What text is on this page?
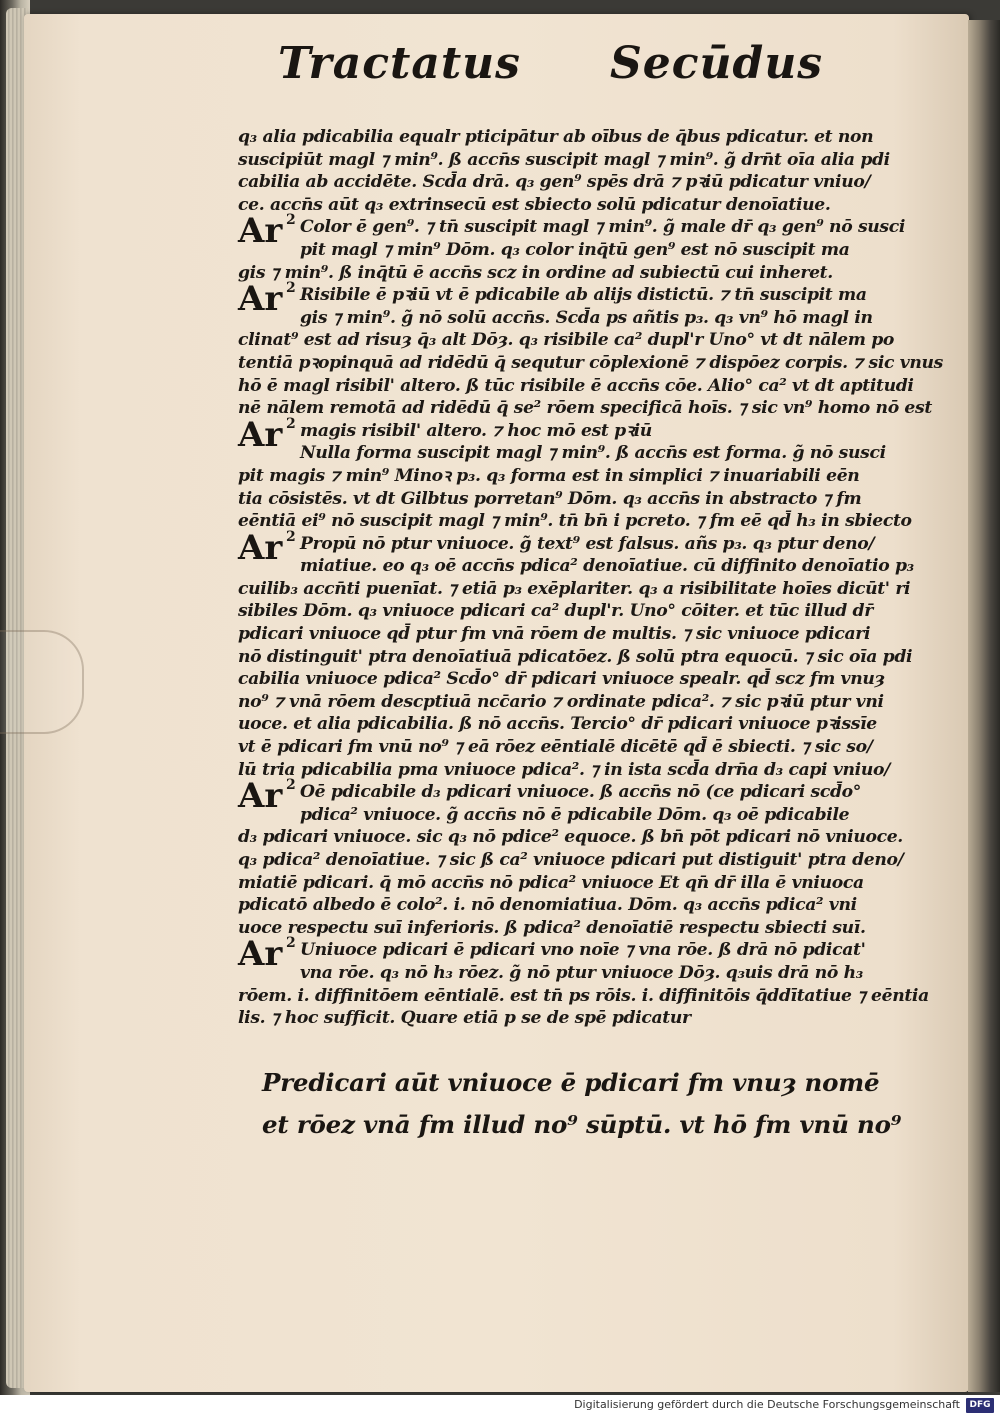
Tractatus Secūdus
q₃ alia pdicabilia equalr pticipātur ab oībus de q̄bus pdicatur. et non
suscipiūt magl ⁊ min⁹. ß accn̄s suscipit magl ⁊ min⁹. g̃ drn̄t oīa alia pdi
cabilia ab accidēte. Scd̄a drā. q₃ gen⁹ spēs drā ⁊ pꝛiū pdicatur vniuo/
ce. accn̄s aūt q₃ extrinsecū est sbiecto solū pdicatur denoīatiue.
Ar 2 Color ē gen⁹. ⁊ tn̄ suscipit magl ⁊ min⁹. g̃ male dr̄ q₃ gen⁹ nō susci
pit magl ⁊ min⁹ Dōm. q₃ color inq̄tū gen⁹ est nō suscipit ma
gis ⁊ min⁹. ß inq̄tū ē accn̄s scz in ordine ad subiectū cui inheret.
Ar 2 Risibile ē pꝛiū vt ē pdicabile ab alijs distictū. ⁊ tn̄ suscipit ma
gis ⁊ min⁹. g̃ nō solū accn̄s. Scd̄a ps añtis p₃. q₃ vn⁹ hō magl in
clinat⁹ est ad risuȝ q̄₃ alt Dōȝ. q₃ risibile ca² dupl'r Uno° vt dt nālem po
tentiā pꝛopinquā ad ridēdū q̄ sequtur cōplexionē ⁊ dispōez corpis. ⁊ sic vnus
hō ē magl risibil' altero. ß tūc risibile ē accn̄s cōe. Alio° ca² vt dt aptitudi
nē nālem remotā ad ridēdū q̄ se² rōem specificā hoīs. ⁊ sic vn⁹ homo nō est
Ar 2 magis risibil' altero. ⁊ hoc mō est pꝛiū
Nulla forma suscipit magl ⁊ min⁹. ß accn̄s est forma. g̃ nō susci
pit magis ⁊ min⁹ Minoꝛ p₃. q₃ forma est in simplici ⁊ inuariabili eēn
tia cōsistēs. vt dt Gilbtus porretan⁹ Dōm. q₃ accn̄s in abstracto ⁊ fm
eēntiā ei⁹ nō suscipit magl ⁊ min⁹. tn̄ bn̄ i pcreto. ⁊ fm eē qd̄ h₃ in sbiecto
Ar 2 Propū nō ptur vniuoce. g̃ text⁹ est falsus. añs p₃. q₃ ptur deno/
miatiue. eo q₃ oē accn̄s pdica² denoīatiue. cū diffinito denoīatio p₃
cuilib₃ accn̄ti puenīat. ⁊ etiā p₃ exēplariter. q₃ a risibilitate hoīes dicūt' ri
sibiles Dōm. q₃ vniuoce pdicari ca² dupl'r. Uno° cōiter. et tūc illud dr̄
pdicari vniuoce qd̄ ptur fm vnā rōem de multis. ⁊ sic vniuoce pdicari
nō distinguit' ptra denoīatiuā pdicatōez. ß solū ptra equocū. ⁊ sic oīa pdi
cabilia vniuoce pdica² Scd̄o° dr̄ pdicari vniuoce spealr. qd̄ scz fm vnuȝ
no⁹ ⁊ vnā rōem descptiuā ncc̄ario ⁊ ordinate pdica². ⁊ sic pꝛiū ptur vni
uoce. et alia pdicabilia. ß nō accn̄s. Tercio° dr̄ pdicari vniuoce pꝛissīe
vt ē pdicari fm vnū no⁹ ⁊ eā rōez eēntialē dicētē qd̄ ē sbiecti. ⁊ sic so/
lū tria pdicabilia pma vniuoce pdica². ⁊ in ista scd̄a drn̄a d₃ capi vniuo/
Ar 2 Oē pdicabile d₃ pdicari vniuoce. ß accn̄s nō (ce pdicari scd̄o°
pdica² vniuoce. g̃ accn̄s nō ē pdicabile Dōm. q₃ oē pdicabile
d₃ pdicari vniuoce. sic q₃ nō pdice² equoce. ß bn̄ pōt pdicari nō vniuoce.
q₃ pdica² denoīatiue. ⁊ sic ß ca² vniuoce pdicari put distiguit' ptra deno/
miatiē pdicari. q̄ mō accn̄s nō pdica² vniuoce Et qn̄ dr̄ illa ē vniuoca
pdicatō albedo ē colo². i. nō denomiatiua. Dōm. q₃ accn̄s pdica² vni
uoce respectu suī inferioris. ß pdica² denoīatiē respectu sbiecti suī.
Ar 2 Uniuoce pdicari ē pdicari vno noīe ⁊ vna rōe. ß drā nō pdicat'
vna rōe. q₃ nō h₃ rōez. g̃ nō ptur vniuoce Dōȝ. q₃uis drā nō h₃
rōem. i. diffinitōem eēntialē. est tn̄ ps rōis. i. diffinitōis q̄ddītatiue ⁊ eēntia
lis. ⁊ hoc sufficit. Quare etiā p se de spē pdicatur
Predicari aūt vniuoce ē pdicari fm vnuȝ nomē
et rōez vnā fm illud no⁹ sūptū. vt hō fm vnū no⁹
Digitalisierung gefördert durch die Deutsche Forschungsgemeinschaft	DFG
